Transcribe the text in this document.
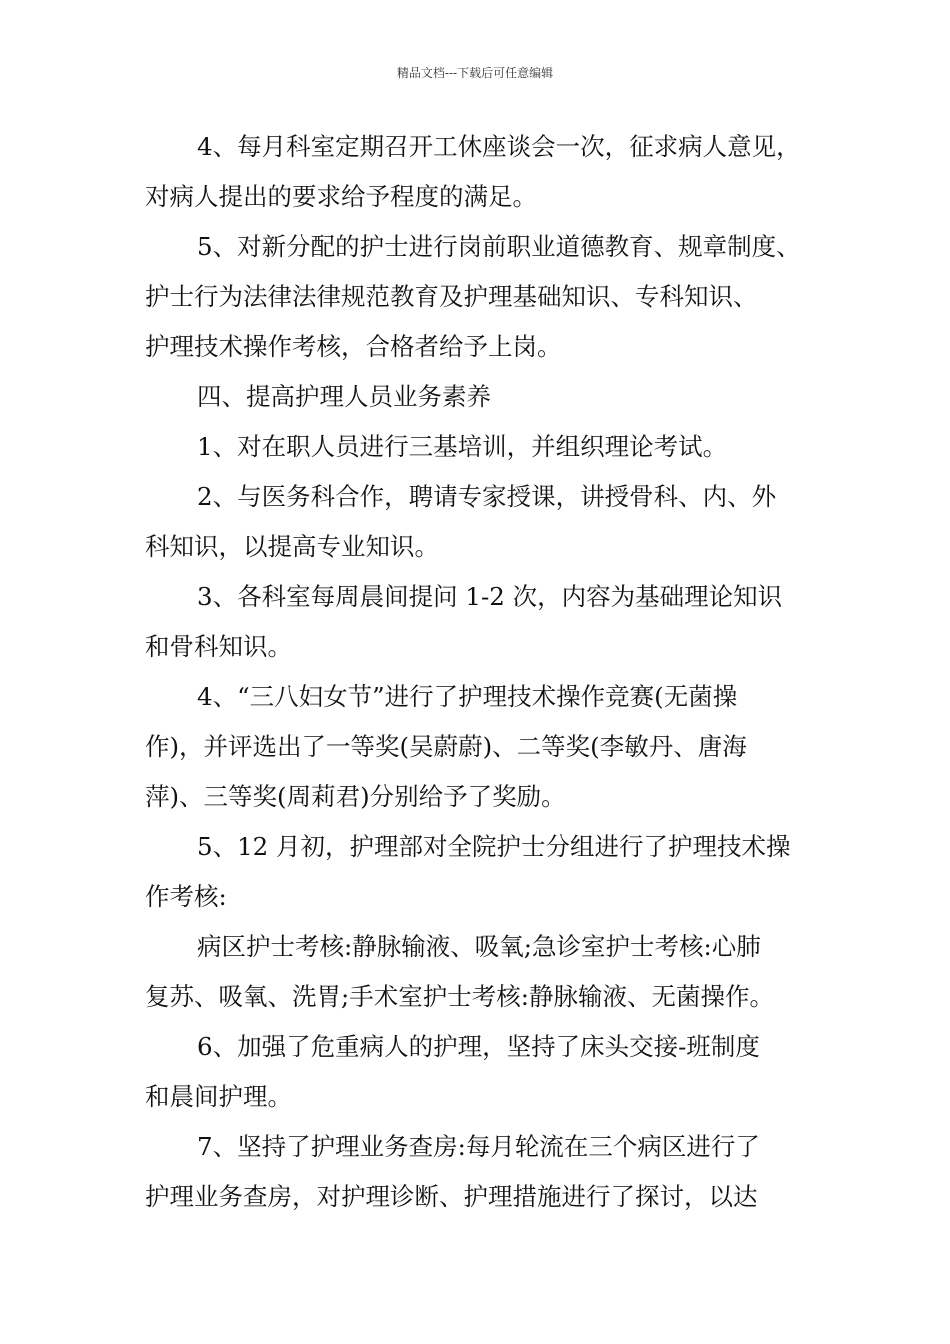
精品文档---下载后可任意编辑
4、每月科室定期召开工休座谈会一次，征求病人意见，
对病人提出的要求给予程度的满足。
5、对新分配的护士进行岗前职业道德教育、规章制度、
护士行为法律法律规范教育及护理基础知识、专科知识、
护理技术操作考核，合格者给予上岗。
四、提高护理人员业务素养
1、对在职人员进行三基培训，并组织理论考试。
2、与医务科合作，聘请专家授课，讲授骨科、内、外
科知识，以提高专业知识。
3、各科室每周晨间提问 1-2 次，内容为基础理论知识
和骨科知识。
4、“三八妇女节”进行了护理技术操作竞赛(无菌操
作)，并评选出了一等奖(吴蔚蔚)、二等奖(李敏丹、唐海
萍)、三等奖(周莉君)分别给予了奖励。
5、12 月初，护理部对全院护士分组进行了护理技术操
作考核:
病区护士考核:静脉输液、吸氧;急诊室护士考核:心肺
复苏、吸氧、洗胃;手术室护士考核:静脉输液、无菌操作。
6、加强了危重病人的护理，坚持了床头交接-班制度
和晨间护理。
7、坚持了护理业务查房:每月轮流在三个病区进行了
护理业务查房，对护理诊断、护理措施进行了探讨，以达
